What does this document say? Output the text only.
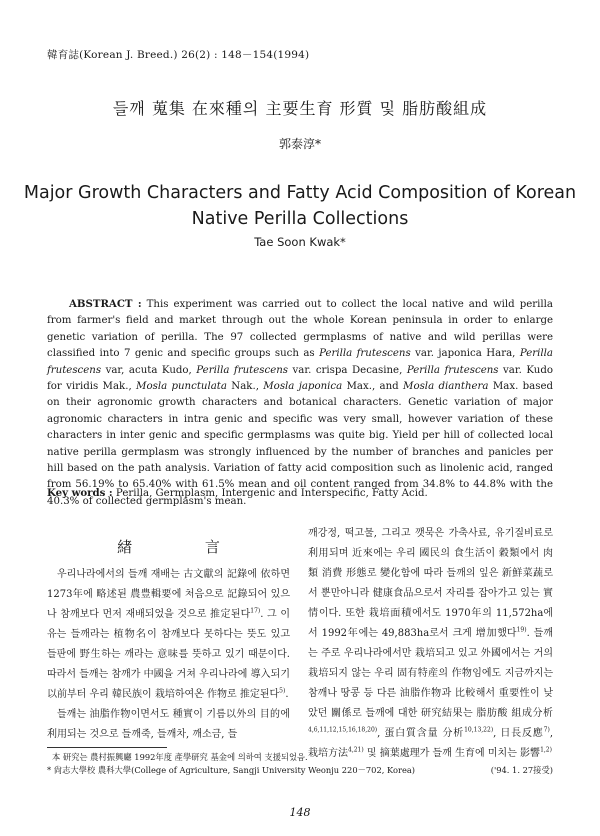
韓育誌(Korean J. Breed.) 26(2) : 148－154(1994)
들깨 蒐集 在來種의 主要生育 形質 및 脂肪酸組成
郭泰淳*
Major Growth Characters and Fatty Acid Composition of Korean
Native Perilla Collections
Tae Soon Kwak*
ABSTRACT : This experiment was carried out to collect the local native and wild perilla from farmer's field and market through out the whole Korean peninsula in order to enlarge genetic variation of perilla. The 97 collected germplasms of native and wild perillas were classified into 7 genic and specific groups such as Perilla frutescens var. japonica Hara, Perilla frutescens var, acuta Kudo, Perilla frutescens var. crispa Decasine, Perilla frutescens var. Kudo for viridis Mak., Mosla punctulata Nak., Mosla japonica Max., and Mosla dianthera Max. based on their agronomic growth characters and botanical characters. Genetic variation of major agronomic characters in intra genic and specific was very small, however variation of these characters in inter genic and specific germplasms was quite big. Yield per hill of collected local native perilla germplasm was strongly influenced by the number of branches and panicles per hill based on the path analysis. Variation of fatty acid composition such as linolenic acid, ranged from 56.19% to 65.40% with 61.5% mean and oil content ranged from 34.8% to 44.8% with the 40.3% of collected germplasm's mean.
Key words : Perilla, Germplasm, Intergenic and Interspecific, Fatty Acid.
緖 言
우리나라에서의 들깨 재배는 古文獻의 記錄에 依하면 1273年에 略述된 農豊輯要에 처음으로 記錄되어 있으나 참깨보다 먼저 재배되었을 것으로 推定된다$^{17)}$. 그 이유는 들깨라는 植物名이 참깨보다 못하다는 뜻도 있고 들판에 野生하는 깨라는 意味를 뜻하고 있기 때문이다. 따라서 들깨는 참깨가 中國을 거쳐 우리나라에 導入되기 以前부터 우리 韓民族이 栽培하여온 作物로 推定된다$^{5)}$.
들깨는 油脂作物이면서도 種實이 기름以外의 目的에 利用되는 것으로 들깨죽, 들깨차, 깨소금, 들
깨강정, 떡고물, 그리고 깻묵은 가축사료, 유기질비료로 利用되며 近來에는 우리 國民의 食生活이 穀類에서 肉類 消費 形態로 變化함에 따라 들깨의 잎은 新鮮菜蔬로서 뿐만아니라 健康食品으로서 자리를 잡아가고 있는 實情이다. 또한 栽培面積에서도 1970年의 11,572ha에서 1992年에는 49,883ha로서 크게 增加했다$^{19)}$. 들깨는 주로 우리나라에서만 栽培되고 있고 外國에서는 거의 栽培되지 않는 우리 固有特産의 作物임에도 지금까지는 참깨나 땅콩 등 다른 油脂作物과 比較해서 重要性이 낮았던 關係로 들깨에 대한 研究結果는 脂肪酸 組成分析$^{4,6,11,12,15,16,18,20)}$, 蛋白質含量 分析$^{10,13,22)}$, 日長反應$^{7)}$, 栽培方法$^{4,21)}$ 및 摘葉處理가 들깨 生育에 미치는 影響$^{1,2)}$
本 研究는 農村振興廳 1992年度 產學研究 基金에 의하여 支援되었음.
('94. 1. 27接受)
* 尙志大學校 農科大學(College of Agriculture, Sangji University Weonju 220－702, Korea)
148
